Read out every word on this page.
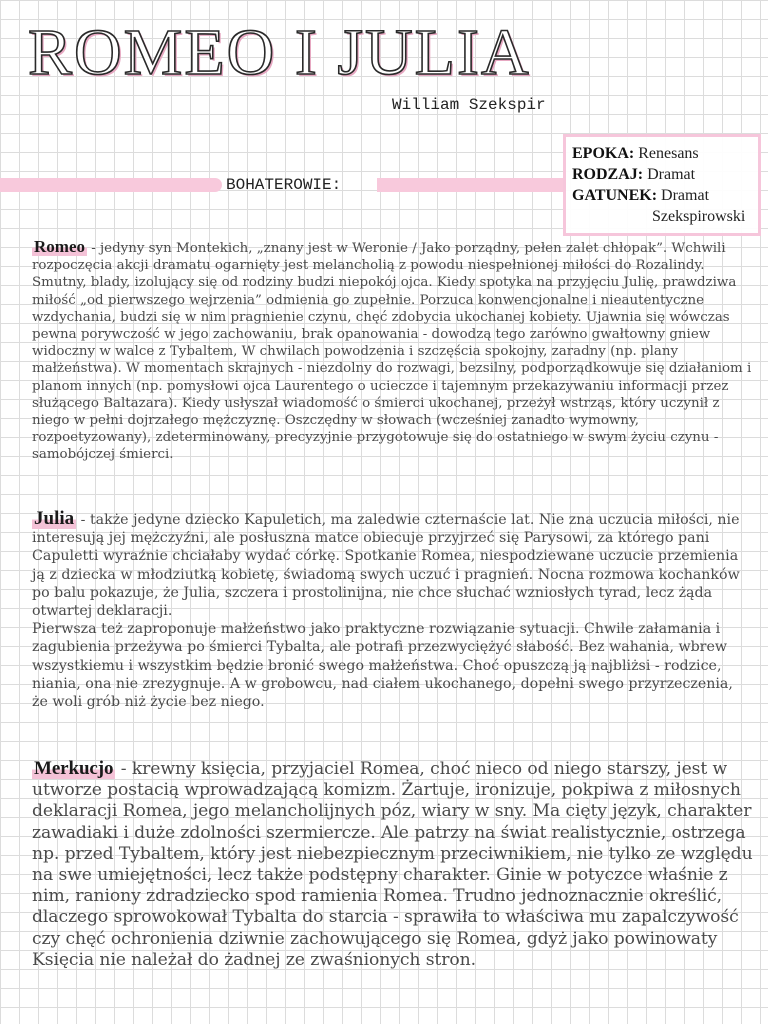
ROMEO I JULIA
William Szekspir
EPOKA: Renesans
RODZAJ: Dramat
GATUNEK: Dramat
Szekspirowski
BOHATEROWIE:

Romeo - jedyny syn Montekich, „znany jest w Weronie / Jako porządny, pełen zalet chłopak”. Wchwili rozpoczęcia akcji dramatu ogarnięty jest melancholią z powodu niespełnionej miłości do Rozalindy. Smutny, blady, izolujący się od rodziny budzi niepokój ojca. Kiedy spotyka na przyjęciu Julię, prawdziwa miłość „od pierwszego wejrzenia” odmienia go zupełnie. Porzuca konwencjonalne i nieautentyczne wzdychania, budzi się w nim pragnienie czynu, chęć zdobycia ukochanej kobiety. Ujawnia się wówczas pewna porywczość w jego zachowaniu, brak opanowania - dowodzą tego zarówno gwałtowny gniew widoczny w walce z Tybaltem, W chwilach powodzenia i szczęścia spokojny, zaradny (np. plany małżeństwa). W momentach skrajnych - niezdolny do rozwagi, bezsilny, podporządkowuje się działaniom i planom innych (np. pomysłowi ojca Laurentego o ucieczce i tajemnym przekazywaniu informacji przez służącego Baltazara). Kiedy usłyszał wiadomość o śmierci ukochanej, przeżył wstrząs, który uczynił z niego w pełni dojrzałego mężczyznę. Oszczędny w słowach (wcześniej zanadto wymowny, rozpoetyzowany), zdeterminowany, precyzyjnie przygotowuje się do ostatniego w swym życiu czynu - samobójczej śmierci.

Julia - także jedyne dziecko Kapuletich, ma zaledwie czternaście lat. Nie zna uczucia miłości, nie interesują jej mężczyźni, ale posłuszna matce obiecuje przyjrzeć się Parysowi, za którego pani Capuletti wyraźnie chciałaby wydać córkę. Spotkanie Romea, niespodziewane uczucie przemienia ją z dziecka w młodziutką kobietę, świadomą swych uczuć i pragnień. Nocna rozmowa kochanków po balu pokazuje, że Julia, szczera i prostolinijna, nie chce słuchać wzniosłych tyrad, lecz żąda otwartej deklaracji.
Pierwsza też zaproponuje małżeństwo jako praktyczne rozwiązanie sytuacji. Chwile załamania i zagubienia przeżywa po śmierci Tybalta, ale potrafi przezwyciężyć słabość. Bez wahania, wbrew wszystkiemu i wszystkim będzie bronić swego małżeństwa. Choć opuszczą ją najbliżsi - rodzice, niania, ona nie zrezygnuje. A w grobowcu, nad ciałem ukochanego, dopełni swego przyrzeczenia, że woli grób niż życie bez niego.

Merkucjo - krewny księcia, przyjaciel Romea, choć nieco od niego starszy, jest w utworze postacią wprowadzającą komizm. Żartuje, ironizuje, pokpiwa z miłosnych deklaracji Romea, jego melancholijnych póz, wiary w sny. Ma cięty język, charakter zawadiaki i duże zdolności szermiercze. Ale patrzy na świat realistycznie, ostrzega np. przed Tybaltem, który jest niebezpiecznym przeciwnikiem, nie tylko ze względu na swe umiejętności, lecz także podstępny charakter. Ginie w potyczce właśnie z nim, raniony zdradziecko spod ramienia Romea. Trudno jednoznacznie określić, dlaczego sprowokował Tybalta do starcia - sprawiła to właściwa mu zapalczywość czy chęć ochronienia dziwnie zachowującego się Romea, gdyż jako powinowaty Księcia nie należał do żadnej ze zwaśnionych stron.
